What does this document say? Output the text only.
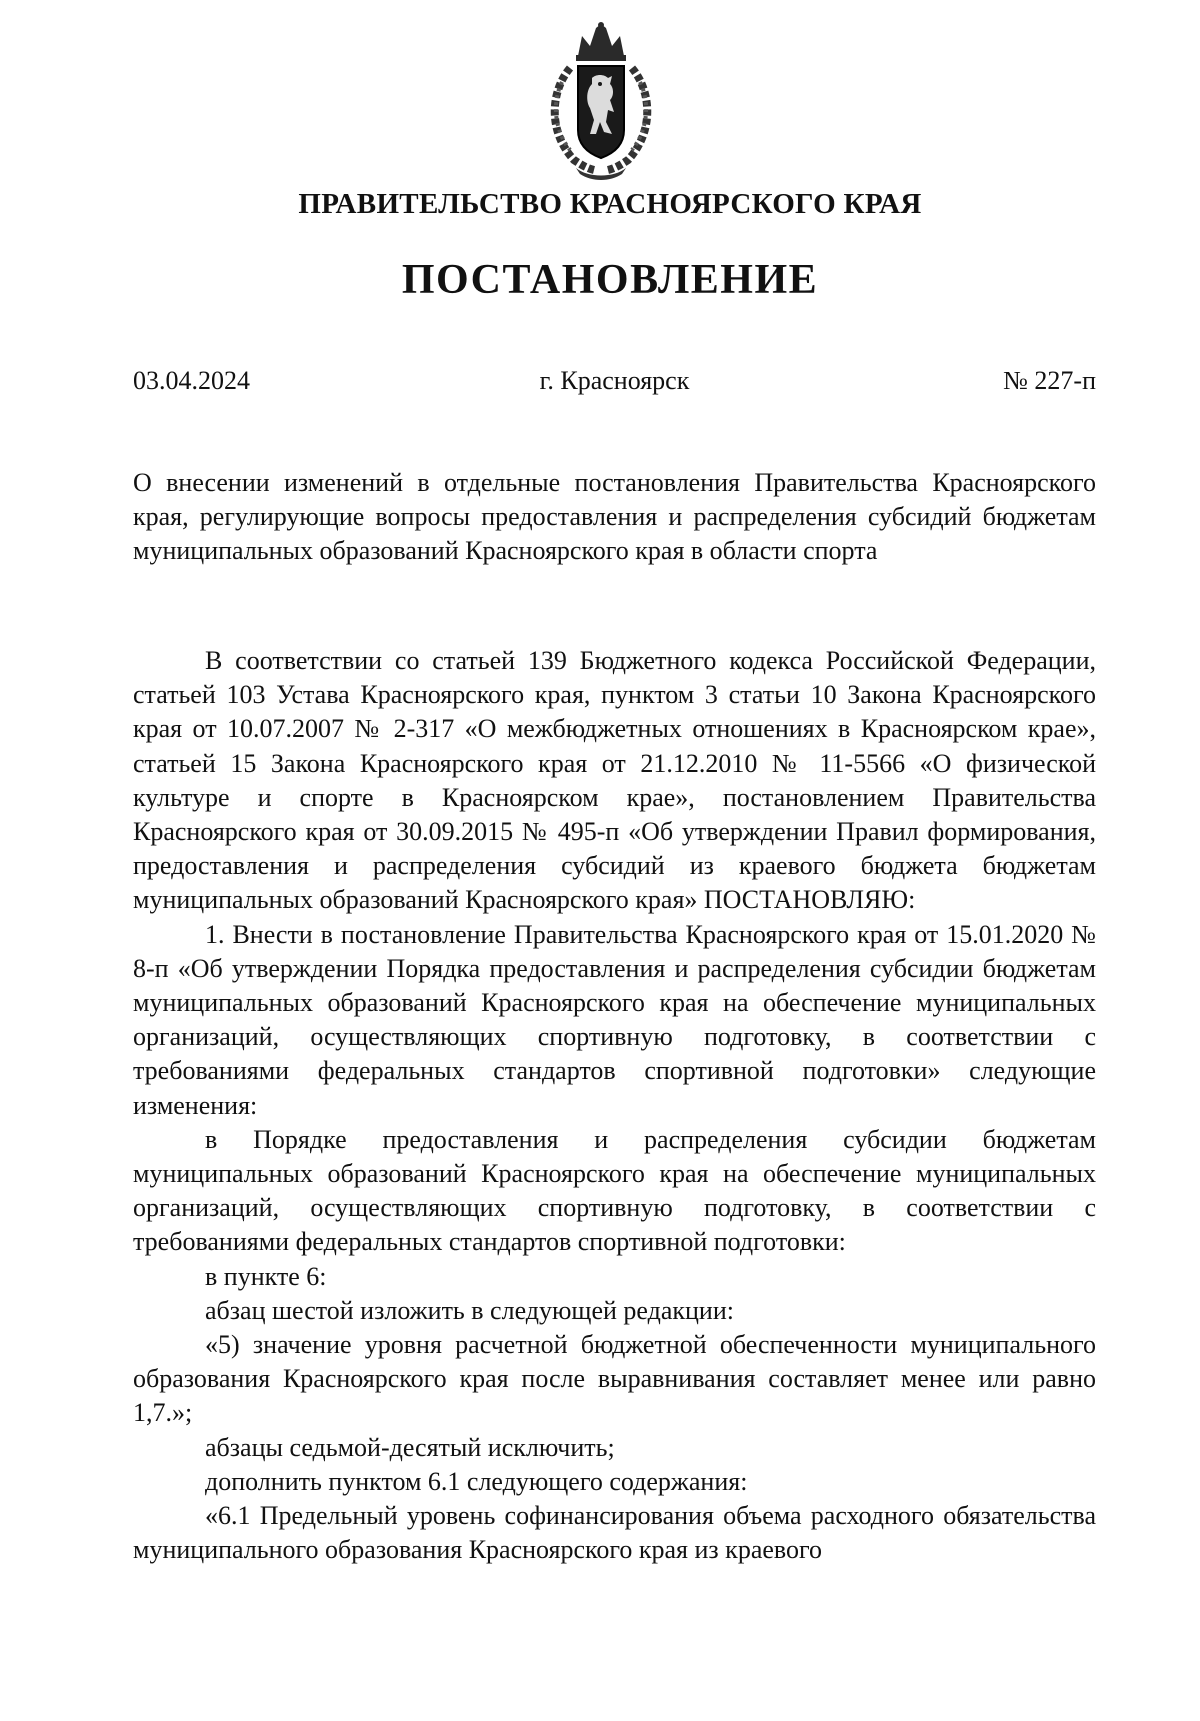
ПРАВИТЕЛЬСТВО КРАСНОЯРСКОГО КРАЯ
ПОСТАНОВЛЕНИЕ
03.04.2024	г. Красноярск	№ 227-п

О внесении изменений в отдельные постановления Правительства Красноярского края, регулирующие вопросы предоставления и распределения субсидий бюджетам муниципальных образований Красноярского края в области спорта

В соответствии со статьей 139 Бюджетного кодекса Российской Федерации, статьей 103 Устава Красноярского края, пунктом 3 статьи 10 Закона Красноярского края от 10.07.2007 № 2-317 «О межбюджетных отношениях в Красноярском крае», статьей 15 Закона Красноярского края от 21.12.2010 № 11-5566 «О физической культуре и спорте в Красноярском крае», постановлением Правительства Красноярского края от 30.09.2015 № 495-п «Об утверждении Правил формирования, предоставления и распределения субсидий из краевого бюджета бюджетам муниципальных образований Красноярского края» ПОСТАНОВЛЯЮ:

1. Внести в постановление Правительства Красноярского края от 15.01.2020 № 8-п «Об утверждении Порядка предоставления и распределения субсидии бюджетам муниципальных образований Красноярского края на обеспечение муниципальных организаций, осуществляющих спортивную подготовку, в соответствии с требованиями федеральных стандартов спортивной подготовки» следующие изменения:

в Порядке предоставления и распределения субсидии бюджетам муниципальных образований Красноярского края на обеспечение муниципальных организаций, осуществляющих спортивную подготовку, в соответствии с требованиями федеральных стандартов спортивной подготовки:

в пункте 6:

абзац шестой изложить в следующей редакции:

«5) значение уровня расчетной бюджетной обеспеченности муниципального образования Красноярского края после выравнивания составляет менее или равно 1,7.»;

абзацы седьмой-десятый исключить;

дополнить пунктом 6.1 следующего содержания:

«6.1 Предельный уровень софинансирования объема расходного обязательства муниципального образования Красноярского края из краевого
